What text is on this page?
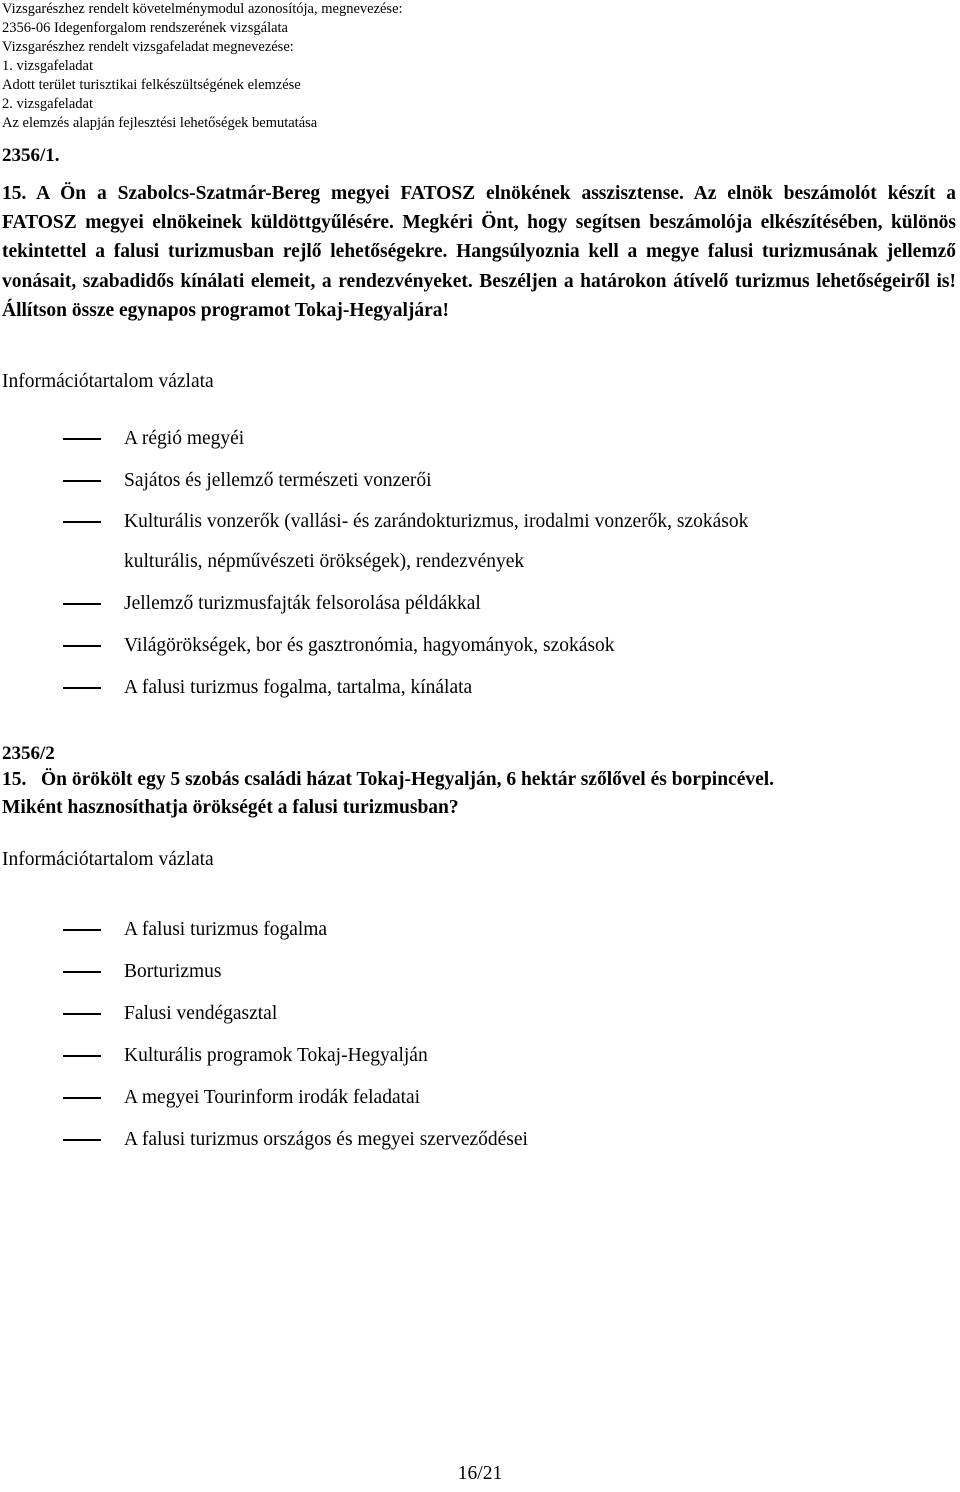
Vizsgarészhez rendelt követelménymodul azonosítója, megnevezése:
2356-06 Idegenforgalom rendszerének vizsgálata
Vizsgarészhez rendelt vizsgafeladat megnevezése:
1. vizsgafeladat
Adott terület turisztikai felkészültségének elemzése
2. vizsgafeladat
Az elemzés alapján fejlesztési lehetőségek bemutatása
2356/1.

15. A Ön a Szabolcs-Szatmár-Bereg megyei FATOSZ elnökének asszisztense. Az elnök beszámolót készít a FATOSZ megyei elnökeinek küldöttgyűlésére. Megkéri Önt, hogy segítsen beszámolója elkészítésében, különös tekintettel a falusi turizmusban rejlő lehetőségekre. Hangsúlyoznia kell a megye falusi turizmusának jellemző vonásait, szabadidős kínálati elemeit, a rendezvényeket. Beszéljen a határokon átívelő turizmus lehetőségeiről is! Állítson össze egynapos programot Tokaj-Hegyaljára!

Információtartalom vázlata
A régió megyéi
Sajátos és jellemző természeti vonzerői
Kulturális vonzerők (vallási- és zarándokturizmus, irodalmi vonzerők, szokások
kulturális, népművészeti örökségek), rendezvények
Jellemző turizmusfajták felsorolása példákkal
Világörökségek, bor és gasztronómia, hagyományok, szokások
A falusi turizmus fogalma, tartalma, kínálata
2356/2
15.   Ön örökölt egy 5 szobás családi házat Tokaj-Hegyalján, 6 hektár szőlővel és borpincével.
Miként hasznosíthatja örökségét a falusi turizmusban?
Információtartalom vázlata
A falusi turizmus fogalma
Borturizmus
Falusi vendégasztal
Kulturális programok Tokaj-Hegyalján
A megyei Tourinform irodák feladatai
A falusi turizmus országos és megyei szerveződései
16/21
